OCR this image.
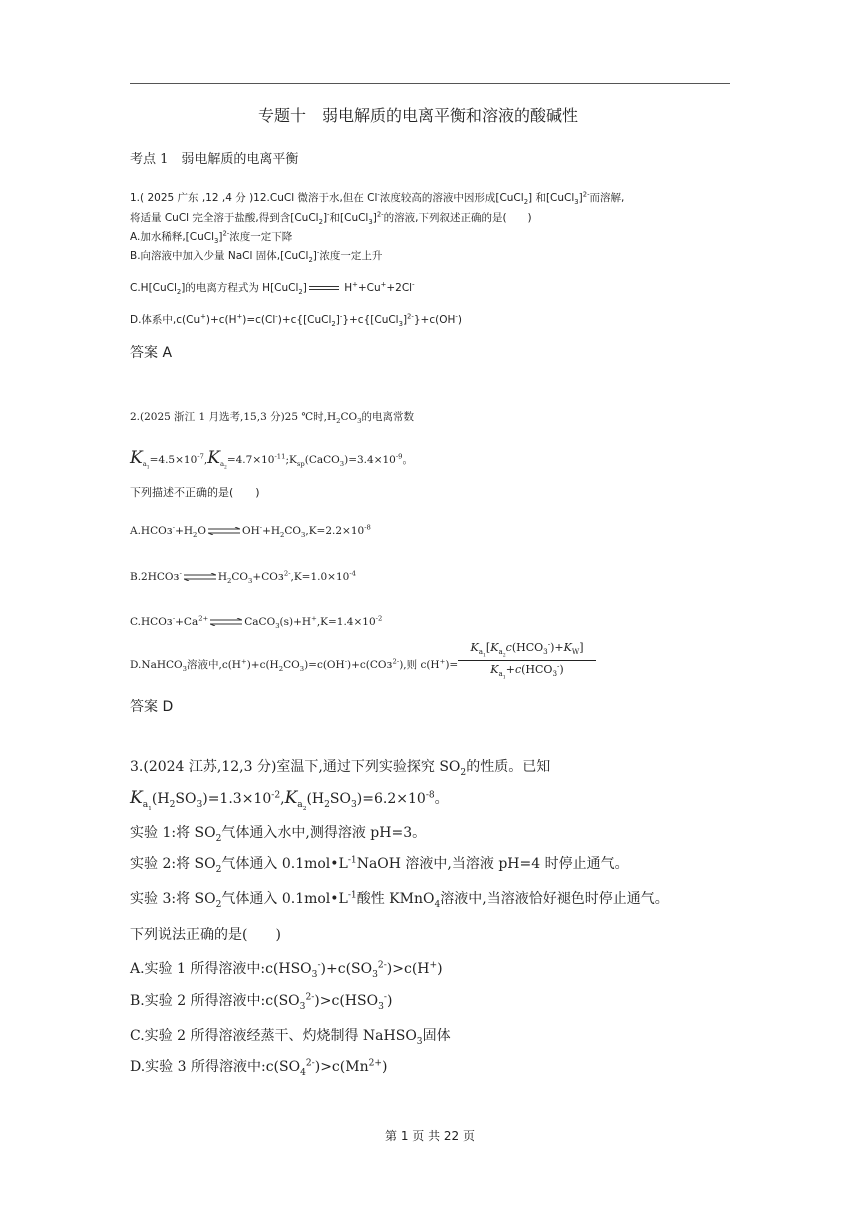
专题十　弱电解质的电离平衡和溶液的酸碱性
考点 1　弱电解质的电离平衡
1.( 2025 广东 ,12 ,4 分 )12.CuCl 微溶于水,但在 Cl-浓度较高的溶液中因形成[CuCl$_2$] 和[CuCl$_3$]$^{2-}$而溶解,
将适量 CuCl 完全溶于盐酸,得到含[CuCl$_2$]-和[CuCl$_3$]$^{2-}$的溶液,下列叙述正确的是(　　)
A.加水稀释,[CuCl$_3$]$^{2-}$浓度一定下降
B.向溶液中加入少量 NaCl 固体,[CuCl$_2$]-浓度一定上升
C.H[CuCl$_2$]的电离方程式为 H[CuCl$_2$]	H++Cu++2Cl-
D.体系中,c(Cu+)+c(H+)=c(Cl-)+c{[CuCl$_2$]-}+c{[CuCl$_3$]$^{2-}$}+c(OH-)
答案 A
2.(2025 浙江 1 月选考,15,3 分)25 ℃时$,H_2CO_3$的电离常数
$K_{a_1}=4.5\times 10^{-7},K_{a_2}=4.7\times 10^{-11};K_{sp}(CaCO_3)=3.4\times 10^{-9}$。
下列描述不正确的是(　　)
$A.HCO_3^-+H_2O$ ⇌ $OH^-+H_2CO_3,K=2.2\times 10^{-8}$
B.2HCO₃- ⇌ $H_2CO_3+CO_3^{2-},K=1.0\times 10^{-4}$
$C.HCO_3^-+Ca^{2+}$ ⇌ $CaCO_3(s)+H^+,K=1.4\times 10^{-2}$
D.NaHCO$_3$溶液中$,c(H^+)+c(H_2CO_3)=c(OH^-)+c(CO_3^{2-})$,则 c(H+)=
$K_{a_1}[K_{a_2}c(HCO_3^-)+K_W]$
$K_{a_1}+c(HCO_3^-)$
答案 D
3.(2024 江苏,12,3 分)室温下,通过下列实验探究 $SO_2$的性质。已知
$K_{a_1}(H_2SO_3)=1.3\times 10^{-2},K_{a_2}(H_2SO_3)=6.2\times 10^{-8}$。
实验 1:将 $SO_2$气体通入水中,测得溶液 pH=3。
实验 2:将 $SO_2$气体通入 $0.1mol•L^{-1}NaOH$ 溶液中,当溶液 pH=4 时停止通气。
实验 3:将 $SO_2$气体通入 $0.1mol•L^{-1}$酸性 KMnO$_4$溶液中,当溶液恰好褪色时停止通气。
下列说法正确的是(　　)
A.实验 1 所得溶液中$:c(HSO_3^-)+c(SO_3^{2-})>c(H^+)$
B.实验 2 所得溶液中$:c(SO_3^{2-})>c(HSO_3^-)$
C.实验 2 所得溶液经蒸干、灼烧制得 NaHSO$_3$固体
D.实验 3 所得溶液中$:c(SO_4^{2-})>c(Mn^{2+})$
第 1 页 共 22 页
